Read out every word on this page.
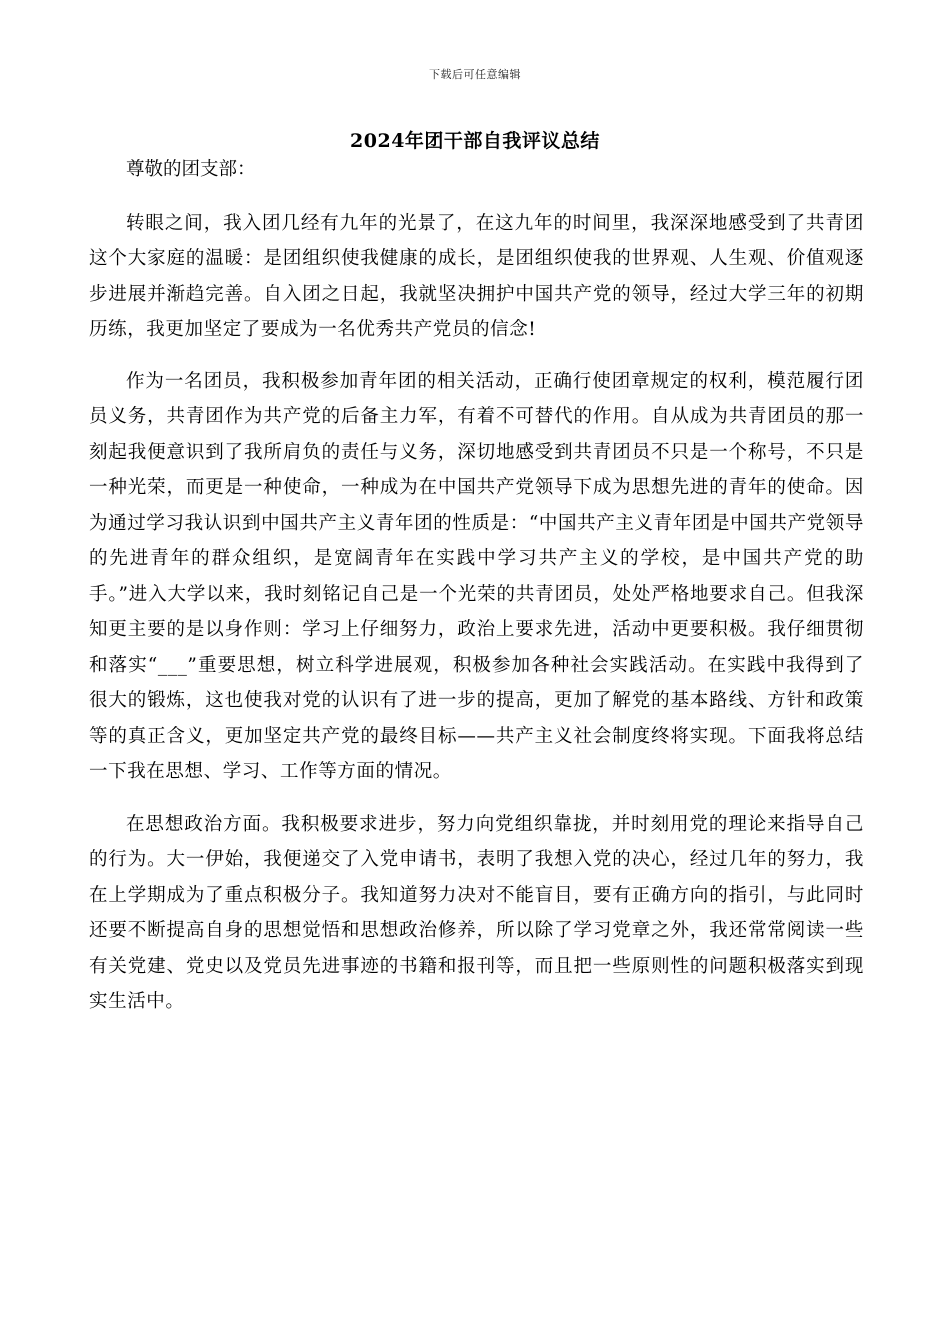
下载后可任意编辑
2024年团干部自我评议总结

尊敬的团支部：

转眼之间，我入团几经有九年的光景了，在这九年的时间里，我深深地感受到了共青团这个大家庭的温暖：是团组织使我健康的成长，是团组织使我的世界观、人生观、价值观逐步进展并渐趋完善。自入团之日起，我就坚决拥护中国共产党的领导，经过大学三年的初期历练，我更加坚定了要成为一名优秀共产党员的信念!

作为一名团员，我积极参加青年团的相关活动，正确行使团章规定的权利，模范履行团员义务，共青团作为共产党的后备主力军，有着不可替代的作用。自从成为共青团员的那一刻起我便意识到了我所肩负的责任与义务，深切地感受到共青团员不只是一个称号，不只是一种光荣，而更是一种使命，一种成为在中国共产党领导下成为思想先进的青年的使命。因为通过学习我认识到中国共产主义青年团的性质是：“中国共产主义青年团是中国共产党领导的先进青年的群众组织，是宽阔青年在实践中学习共产主义的学校，是中国共产党的助手。”进入大学以来，我时刻铭记自己是一个光荣的共青团员，处处严格地要求自己。但我深知更主要的是以身作则：学习上仔细努力，政治上要求先进，活动中更要积极。我仔细贯彻和落实“___”重要思想，树立科学进展观，积极参加各种社会实践活动。在实践中我得到了很大的锻炼，这也使我对党的认识有了进一步的提高，更加了解党的基本路线、方针和政策等的真正含义，更加坚定共产党的最终目标——共产主义社会制度终将实现。下面我将总结一下我在思想、学习、工作等方面的情况。

在思想政治方面。我积极要求进步，努力向党组织靠拢，并时刻用党的理论来指导自己的行为。大一伊始，我便递交了入党申请书，表明了我想入党的决心，经过几年的努力，我在上学期成为了重点积极分子。我知道努力决对不能盲目，要有正确方向的指引，与此同时还要不断提高自身的思想觉悟和思想政治修养，所以除了学习党章之外，我还常常阅读一些有关党建、党史以及党员先进事迹的书籍和报刊等，而且把一些原则性的问题积极落实到现实生活中。
